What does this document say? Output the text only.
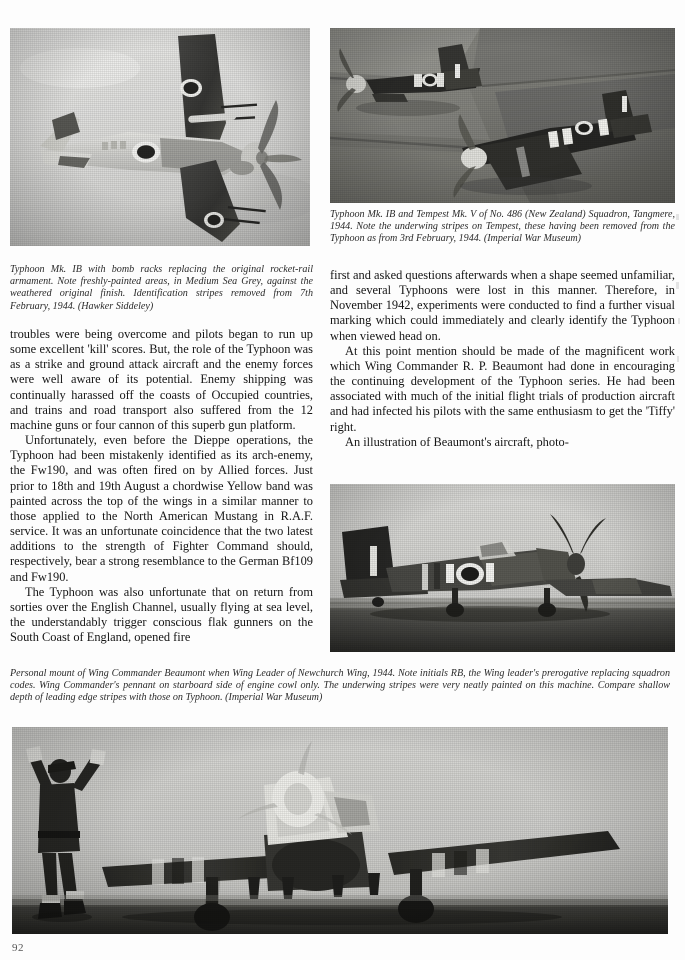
Typhoon Mk. IB with bomb racks replacing the original rocket-rail armament. Note freshly-painted areas, in Medium Sea Grey, against the weathered original finish. Identification stripes removed from 7th February, 1944. (Hawker Siddeley)
Typhoon Mk. IB and Tempest Mk. V of No. 486 (New Zealand) Squadron, Tangmere, 1944. Note the underwing stripes on Tempest, these having been removed from the Typhoon as from 3rd February, 1944. (Imperial War Museum)

troubles were being overcome and pilots began to run up some excellent 'kill' scores. But, the role of the Typhoon was as a strike and ground attack aircraft and the enemy forces were well aware of its potential. Enemy shipping was continually harassed off the coasts of Occupied countries, and trains and road transport also suffered from the 12 machine guns or four cannon of this superb gun platform.

Unfortunately, even before the Dieppe operations, the Typhoon had been mistakenly identified as its arch-enemy, the Fw190, and was often fired on by Allied forces. Just prior to 18th and 19th August a chordwise Yellow band was painted across the top of the wings in a similar manner to those applied to the North American Mustang in R.A.F. service. It was an unfortunate coincidence that the two latest additions to the strength of Fighter Command should, respectively, bear a strong resemblance to the German Bf109 and Fw190.

The Typhoon was also unfortunate that on return from sorties over the English Channel, usually flying at sea level, the understandably trigger conscious flak gunners on the South Coast of England, opened fire

first and asked questions afterwards when a shape seemed unfamiliar, and several Typhoons were lost in this manner. Therefore, in November 1942, experiments were conducted to find a further visual marking which could immediately and clearly identify the Typhoon when viewed head on.

At this point mention should be made of the magnificent work which Wing Commander R. P. Beaumont had done in encouraging the continuing development of the Typhoon series. He had been associated with much of the initial flight trials of production aircraft and had infected his pilots with the same enthusiasm to get the 'Tiffy' right.

An illustration of Beaumont's aircraft, photo-

Personal mount of Wing Commander Beaumont when Wing Leader of Newchurch Wing, 1944. Note initials RB, the Wing leader's prerogative replacing squadron codes. Wing Commander's pennant on starboard side of engine cowl only. The underwing stripes were very neatly painted on this machine. Compare shallow depth of leading edge stripes with those on Typhoon. (Imperial War Museum)
92
